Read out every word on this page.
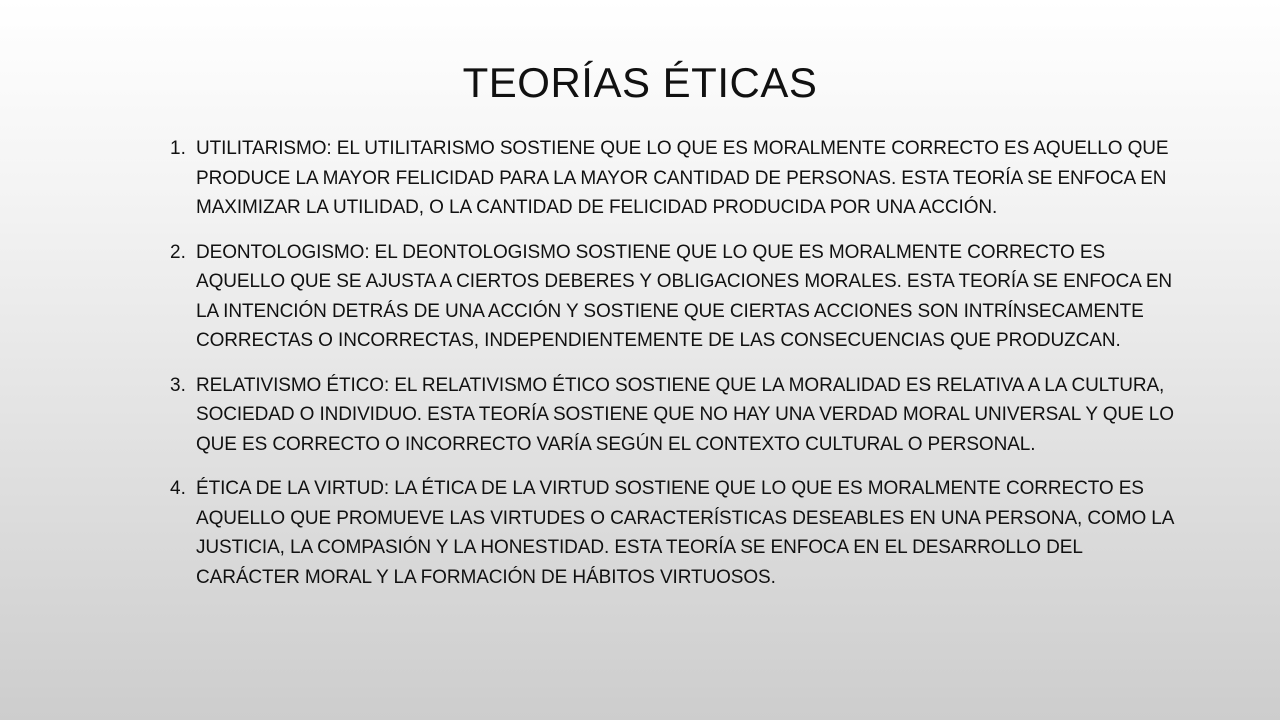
TEORÍAS ÉTICAS
1. UTILITARISMO: EL UTILITARISMO SOSTIENE QUE LO QUE ES MORALMENTE CORRECTO ES AQUELLO QUE PRODUCE LA MAYOR FELICIDAD PARA LA MAYOR CANTIDAD DE PERSONAS. ESTA TEORÍA SE ENFOCA EN MAXIMIZAR LA UTILIDAD, O LA CANTIDAD DE FELICIDAD PRODUCIDA POR UNA ACCIÓN.
2. DEONTOLOGISMO: EL DEONTOLOGISMO SOSTIENE QUE LO QUE ES MORALMENTE CORRECTO ES AQUELLO QUE SE AJUSTA A CIERTOS DEBERES Y OBLIGACIONES MORALES. ESTA TEORÍA SE ENFOCA EN LA INTENCIÓN DETRÁS DE UNA ACCIÓN Y SOSTIENE QUE CIERTAS ACCIONES SON INTRÍNSECAMENTE CORRECTAS O INCORRECTAS, INDEPENDIENTEMENTE DE LAS CONSECUENCIAS QUE PRODUZCAN.
3. RELATIVISMO ÉTICO: EL RELATIVISMO ÉTICO SOSTIENE QUE LA MORALIDAD ES RELATIVA A LA CULTURA, SOCIEDAD O INDIVIDUO. ESTA TEORÍA SOSTIENE QUE NO HAY UNA VERDAD MORAL UNIVERSAL Y QUE LO QUE ES CORRECTO O INCORRECTO VARÍA SEGÚN EL CONTEXTO CULTURAL O PERSONAL.
4. ÉTICA DE LA VIRTUD: LA ÉTICA DE LA VIRTUD SOSTIENE QUE LO QUE ES MORALMENTE CORRECTO ES AQUELLO QUE PROMUEVE LAS VIRTUDES O CARACTERÍSTICAS DESEABLES EN UNA PERSONA, COMO LA JUSTICIA, LA COMPASIÓN Y LA HONESTIDAD. ESTA TEORÍA SE ENFOCA EN EL DESARROLLO DEL CARÁCTER MORAL Y LA FORMACIÓN DE HÁBITOS VIRTUOSOS.
